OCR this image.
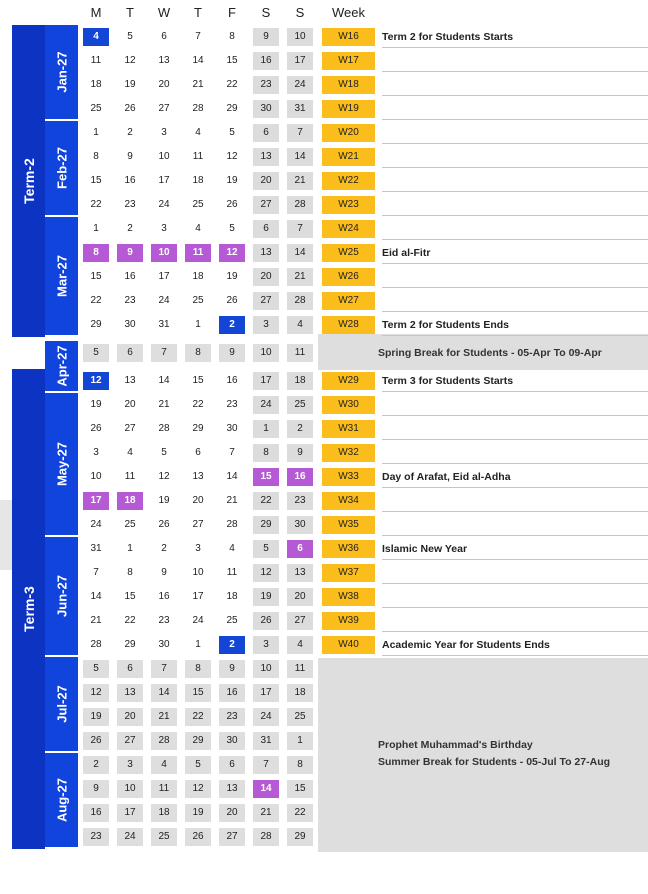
M	T	W	T	F	S	S	Week
Term-2
Term-3
Jan-27
Feb-27
Mar-27
Apr-27
May-27
Jun-27
Jul-27
Aug-27
4	5	6	7	8	9	10	W16	Term 2 for Students Starts
11	12	13	14	15	16	17	W17
18	19	20	21	22	23	24	W18
25	26	27	28	29	30	31	W19
1	2	3	4	5	6	7	W20
8	9	10	11	12	13	14	W21
15	16	17	18	19	20	21	W22
22	23	24	25	26	27	28	W23
1	2	3	4	5	6	7	W24
8	9	10	11	12	13	14	W25	Eid al-Fitr
15	16	17	18	19	20	21	W26
22	23	24	25	26	27	28	W27
29	30	31	1	2	3	4	W28	Term 2 for Students Ends
5	6	7	8	9	10	11
12	13	14	15	16	17	18	W29	Term 3 for Students Starts
19	20	21	22	23	24	25	W30
26	27	28	29	30	1	2	W31
3	4	5	6	7	8	9	W32
10	11	12	13	14	15	16	W33	Day of Arafat, Eid al-Adha
17	18	19	20	21	22	23	W34
24	25	26	27	28	29	30	W35
31	1	2	3	4	5	6	W36	Islamic New Year
7	8	9	10	11	12	13	W37
14	15	16	17	18	19	20	W38
21	22	23	24	25	26	27	W39
28	29	30	1	2	3	4	W40	Academic Year for Students Ends
5	6	7	8	9	10	11
12	13	14	15	16	17	18
19	20	21	22	23	24	25
26	27	28	29	30	31	1
2	3	4	5	6	7	8
9	10	11	12	13	14	15
16	17	18	19	20	21	22
23	24	25	26	27	28	29
Spring Break for Students - 05-Apr To 09-Apr
Prophet Muhammad's Birthday
Summer Break for Students - 05-Jul To 27-Aug
